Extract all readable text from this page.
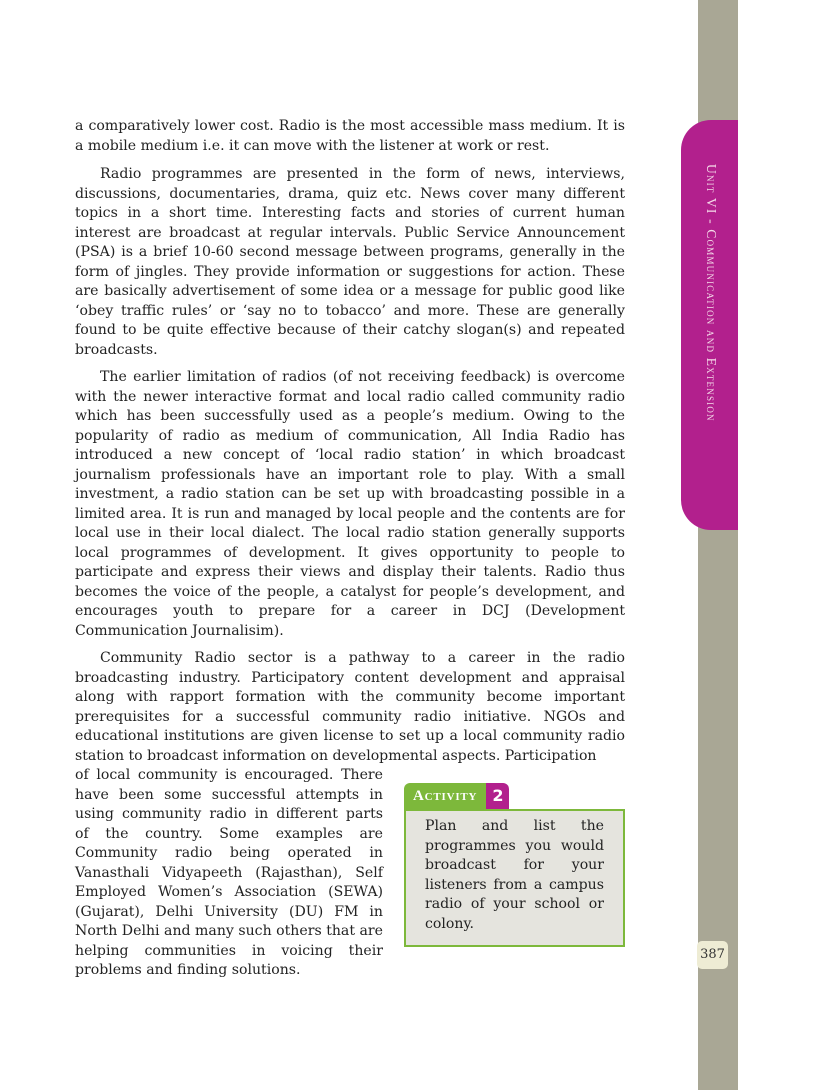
Unit VI - Communication and Extension
387

a comparatively lower cost. Radio is the most accessible mass medium. It is a mobile medium i.e. it can move with the listener at work or rest.

Radio programmes are presented in the form of news, interviews, discussions, documentaries, drama, quiz etc. News cover many different topics in a short time. Interesting facts and stories of current human interest are broadcast at regular intervals. Public Service Announcement (PSA) is a brief 10-60 second message between programs, generally in the form of jingles. They provide information or suggestions for action. These are basically advertisement of some idea or a message for public good like ‘obey traffic rules’ or ‘say no to tobacco’ and more. These are generally found to be quite effective because of their catchy slogan(s) and repeated broadcasts.

The earlier limitation of radios (of not receiving feedback) is overcome with the newer interactive format and local radio called community radio which has been successfully used as a people’s medium. Owing to the popularity of radio as medium of communication, All India Radio has introduced a new concept of ‘local radio station’ in which broadcast journalism professionals have an important role to play. With a small investment, a radio station can be set up with broadcasting possible in a limited area. It is run and managed by local people and the contents are for local use in their local dialect. The local radio station generally supports local programmes of development. It gives opportunity to people to participate and express their views and display their talents. Radio thus becomes the voice of the people, a catalyst for people’s development, and encourages youth to prepare for a career in DCJ (Development Communication Journalisim).

Community Radio sector is a pathway to a career in the radio broadcasting industry. Participatory content development and appraisal along with rapport formation with the community become important prerequisites for a successful community radio initiative. NGOs and educational institutions are given license to set up a local community radio station to broadcast information on developmental aspects. Participation

of local community is encouraged. There have been some successful attempts in using community radio in different parts of the country. Some examples are Community radio being operated in Vanasthali Vidyapeeth (Rajasthan), Self Employed Women’s Association (SEWA) (Gujarat), Delhi University (DU) FM in North Delhi and many such others that are helping communities in voicing their problems and finding solutions.

Activity 2
Plan and list the programmes you would broadcast for your listeners from a campus radio of your school or colony.
